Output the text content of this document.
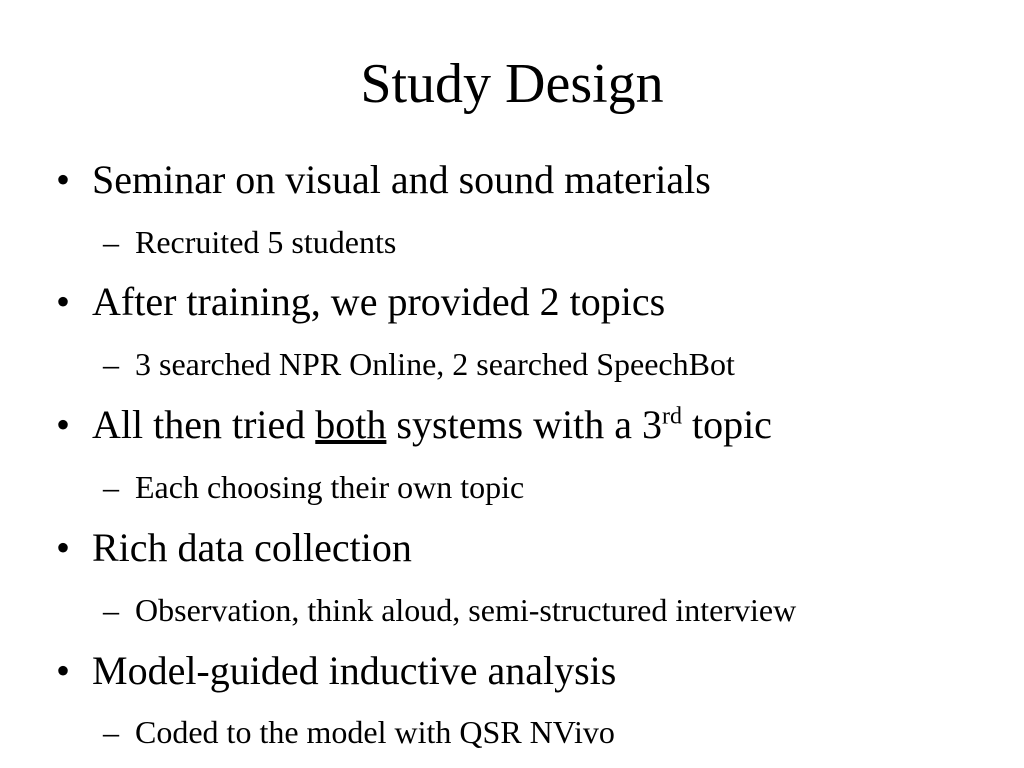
Study Design
• Seminar on visual and sound materials
– Recruited 5 students
• After training, we provided 2 topics
– 3 searched NPR Online, 2 searched SpeechBot
• All then tried both systems with a 3rd topic
– Each choosing their own topic
• Rich data collection
– Observation, think aloud, semi-structured interview
• Model-guided inductive analysis
– Coded to the model with QSR NVivo
